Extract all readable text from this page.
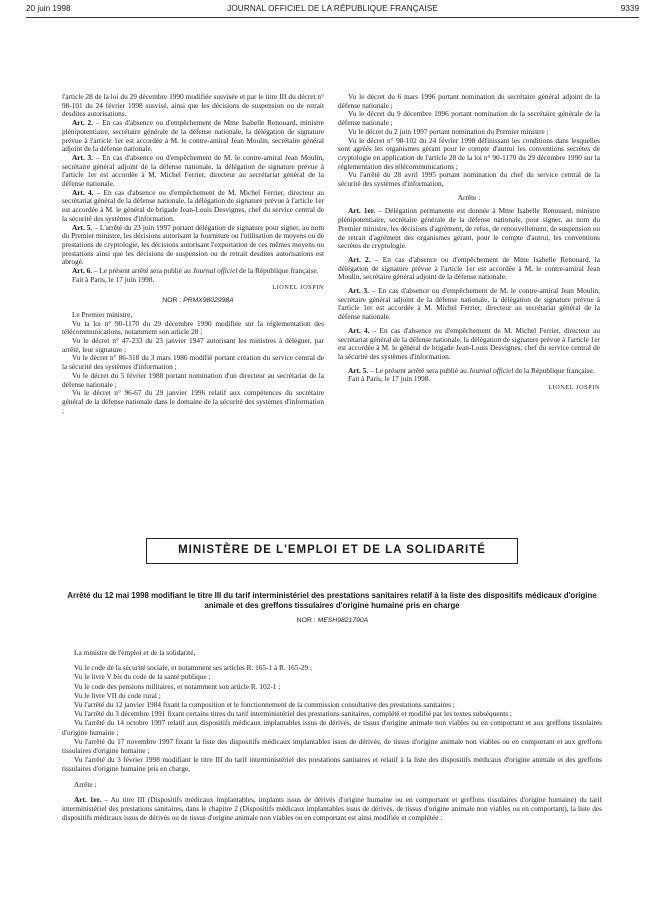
20 juin 1998	JOURNAL OFFICIEL DE LA RÉPUBLIQUE FRANÇAISE	9339

l'article 28 de la loi du 29 décembre 1990 modifiée susvisée et par le titre III du décret n° 98-101 du 24 février 1998 susvisé, ainsi que les décisions de suspension ou de retrait desdites autorisations.

Art. 2. – En cas d'absence ou d'empêchement de Mme Isabelle Renouard, ministre plénipotentiaire, secrétaire générale de la défense nationale, la délégation de signature prévue à l'article 1er est accordée à M. le contre-amiral Jean Moulin, secrétaire général adjoint de la défense nationale.

Art. 3. – En cas d'absence ou d'empêchement de M. le contre-amiral Jean Moulin, secrétaire général adjoint de la défense nationale, la délégation de signature prévue à l'article 1er est accordée à M. Michel Ferrier, directeur au secrétariat général de la défense nationale.

Art. 4. – En cas d'absence ou d'empêchement de M. Michel Ferrier, directeur au secrétariat général de la défense nationale, la délégation de signature prévue à l'article 1er est accordée à M. le général de brigade Jean-Louis Desvignes, chef du service central de la sécurité des systèmes d'information.

Art. 5. – L'arrêté du 23 juin 1997 portant délégation de signature pour signer, au nom du Premier ministre, les décisions autorisant la fourniture ou l'utilisation de moyens ou de prestations de cryptologie, les décisions autorisant l'exportation de ces mêmes moyens ou prestations ainsi que les décisions de suspension ou de retrait desdites autorisations est abrogé.

Art. 6. – Le présent arrêté sera publié au Journal officiel de la République française.

Fait à Paris, le 17 juin 1998.

LIONEL JOSPIN

NOR : PRMX9802998A

Le Premier ministre,

Vu la loi n° 90-1170 du 29 décembre 1990 modifiée sur la réglementation des télécommunications, notamment son article 28 ;

Vu le décret n° 47-233 du 23 janvier 1947 autorisant les ministres à déléguer, par arrêté, leur signature ;

Vu le décret n° 86-318 du 3 mars 1986 modifié portant création du service central de la sécurité des systèmes d'information ;

Vu le décret du 5 février 1988 portant nomination d'un directeur au secrétariat de la défense nationale ;

Vu le décret n° 96-67 du 29 janvier 1996 relatif aux compétences du secrétaire général de la défense nationale dans le domaine de la sécurité des systèmes d'information ;

Vu le décret du 6 mars 1996 portant nomination du secrétaire général adjoint de la défense nationale ;

Vu le décret du 9 décembre 1996 portant nomination de la secrétaire générale de la défense nationale ;

Vu le décret du 2 juin 1997 portant nomination du Premier ministre ;

Vu le décret n° 98-102 du 24 février 1998 définissant les conditions dans lesquelles sont agréés les organismes gérant pour le compte d'autrui les conventions secrètes de cryptologie en application de l'article 28 de la loi n° 90-1170 du 29 décembre 1990 sur la réglementation des télécommunications ;

Vu l'arrêté du 28 avril 1995 portant nomination du chef du service central de la sécurité des systèmes d'information,

Arrête :

Art. 1er. – Délégation permanente est donnée à Mme Isabelle Renouard, ministre plénipotentiaire, secrétaire générale de la défense nationale, pour signer, au nom du Premier ministre, les décisions d'agrément, de refus, de renouvellement, de suspension ou de retrait d'agrément des organismes gérant, pour le compte d'autrui, les conventions secrètes de cryptologie.

Art. 2. – En cas d'absence ou d'empêchement de Mme Isabelle Renouard, la délégation de signature prévue à l'article 1er est accordée à M. le contre-amiral Jean Moulin, secrétaire général adjoint de la défense nationale.

Art. 3. – En cas d'absence ou d'empêchement de M. le contre-amiral Jean Moulin, secrétaire général adjoint de la défense nationale, la délégation de signature prévue à l'article 1er est accordée à M. Michel Ferrier, directeur au secrétariat général de la défense nationale.

Art. 4. – En cas d'absence ou d'empêchement de M. Michel Ferrier, directeur au secrétariat général de la défense nationale, la délégation de signature prévue à l'article 1er est accordée à M. le général de brigade Jean-Louis Desvignes, chef du service central de la sécurité des systèmes d'information.

Art. 5. – Le présent arrêté sera publié au Journal officiel de la République française.

Fait à Paris, le 17 juin 1998.

LIONEL JOSPIN

MINISTÈRE DE L'EMPLOI ET DE LA SOLIDARITÉ
Arrêté du 12 mai 1998 modifiant le titre III du tarif interministériel des prestations sanitaires relatif à la liste des dispositifs médicaux d'origine animale et des greffons tissulaires d'origine humaine pris en charge
NOR : MESH9821790A

La ministre de l'emploi et de la solidarité,

Vu le code de la sécurité sociale, et notamment ses articles R. 165-1 à R. 165-29 ;

Vu le livre V bis du code de la santé publique ;

Vu le code des pensions militaires, et notamment son article R. 102-1 ;

Vu le livre VII du code rural ;

Vu l'arrêté du 12 janvier 1984 fixant la composition et le fonctionnement de la commission consultative des prestations sanitaires ;

Vu l'arrêté du 3 décembre 1991 fixant certains titres du tarif interministériel des prestations sanitaires, complété et modifié par les textes subséquents ;

Vu l'arrêté du 14 octobre 1997 relatif aux dispositifs médicaux implantables issus de dérivés, de tissus d'origine animale non viables ou en comportant et aux greffons tissulaires d'origine humaine ;

Vu l'arrêté du 17 novembre 1997 fixant la liste des dispositifs médicaux implantables issus de dérivés, de tissus d'origine animale non viables ou en comportant et aux greffons tissulaires d'origine humaine ;

Vu l'arrêté du 3 février 1998 modifiant le titre III du tarif interministériel des prestations sanitaires et relatif à la liste des dispositifs médicaux d'origine animale et des greffons tissulaires d'origine humaine pris en charge,

Arrête :

Art. 1er. – Au titre III (Dispositifs médicaux implantables, implants issus de dérivés d'origine humaine ou en comportant et greffons tissulaires d'origine humaine) du tarif interministériel des prestations sanitaires, dans le chapitre 2 (Dispositifs médicaux implantables issus de dérivés, de tissus d'origine animale non viables ou en comportant), la liste des dispositifs médicaux issus de dérivés ou de tissus d'origine animale non viables ou en comportant est ainsi modifiée et complétée :
